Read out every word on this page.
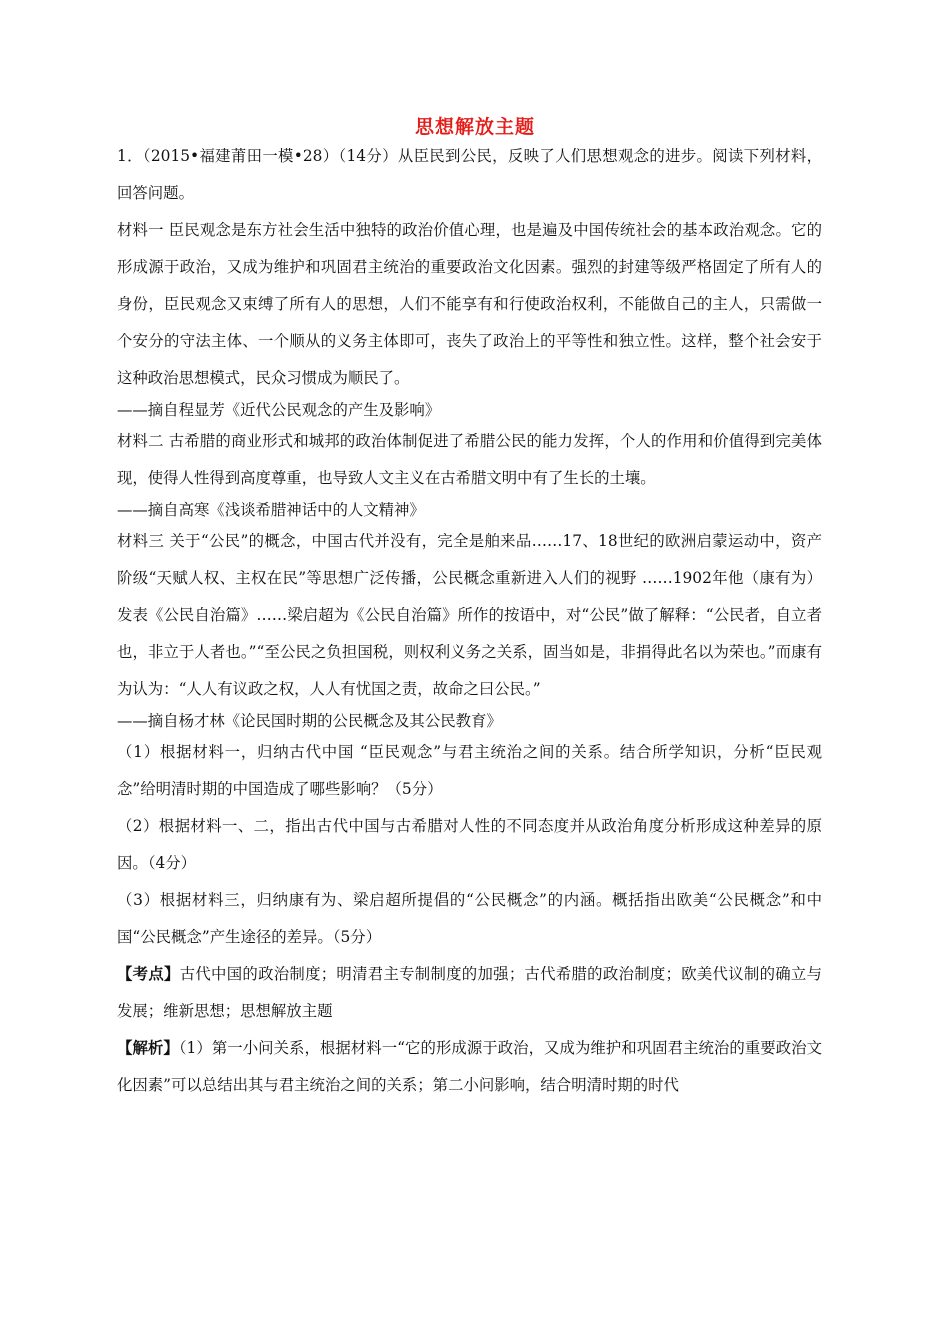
思想解放主题

1．（2015•福建莆田一模•28）（14分）从臣民到公民，反映了人们思想观念的进步。阅读下列材料，回答问题。

材料一 臣民观念是东方社会生活中独特的政治价值心理，也是遍及中国传统社会的基本政治观念。它的形成源于政治，又成为维护和巩固君主统治的重要政治文化因素。强烈的封建等级严格固定了所有人的身份，臣民观念又束缚了所有人的思想，人们不能享有和行使政治权利，不能做自己的主人，只需做一个安分的守法主体、一个顺从的义务主体即可，丧失了政治上的平等性和独立性。这样，整个社会安于这种政治思想模式，民众习惯成为顺民了。

——摘自程显芳《近代公民观念的产生及影响》

材料二 古希腊的商业形式和城邦的政治体制促进了希腊公民的能力发挥，个人的作用和价值得到完美体现，使得人性得到高度尊重，也导致人文主义在古希腊文明中有了生长的土壤。

——摘自高寒《浅谈希腊神话中的人文精神》

材料三 关于“公民”的概念，中国古代并没有，完全是舶来品……17、18世纪的欧洲启蒙运动中，资产阶级“天赋人权、主权在民”等思想广泛传播，公民概念重新进入人们的视野 ……1902年他（康有为）发表《公民自治篇》……梁启超为《公民自治篇》所作的按语中，对“公民”做了解释：“公民者，自立者也，非立于人者也。”“至公民之负担国税，则权利义务之关系，固当如是，非捐得此名以为荣也。”而康有为认为：“人人有议政之权，人人有忧国之责，故命之曰公民。”

——摘自杨才林《论民国时期的公民概念及其公民教育》

（1）根据材料一，归纳古代中国 “臣民观念”与君主统治之间的关系。结合所学知识，分析“臣民观念”给明清时期的中国造成了哪些影响？（5分）

（2）根据材料一、二，指出古代中国与古希腊对人性的不同态度并从政治角度分析形成这种差异的原因。（4分）

（3）根据材料三，归纳康有为、梁启超所提倡的“公民概念”的内涵。概括指出欧美“公民概念”和中国“公民概念”产生途径的差异。（5分）

【考点】古代中国的政治制度；明清君主专制制度的加强；古代希腊的政治制度；欧美代议制的确立与发展；维新思想；思想解放主题

【解析】（1）第一小问关系，根据材料一“它的形成源于政治，又成为维护和巩固君主统治的重要政治文化因素”可以总结出其与君主统治之间的关系；第二小问影响，结合明清时期的时代
